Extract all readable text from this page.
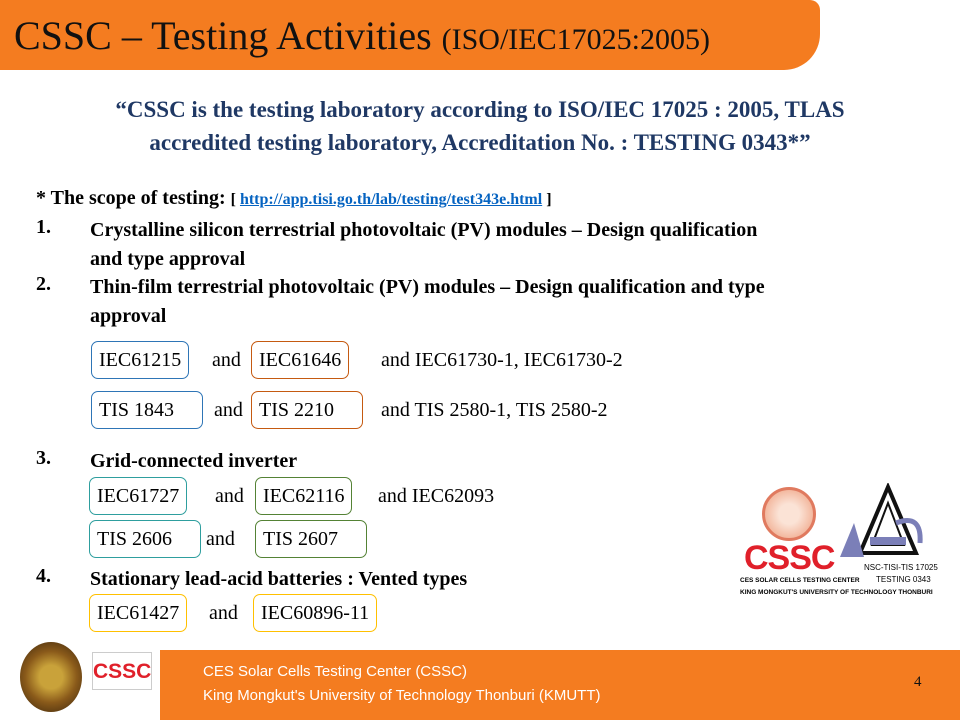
CSSC – Testing Activities (ISO/IEC17025:2005)
“CSSC is the testing laboratory according to ISO/IEC 17025 : 2005, TLAS
accredited testing laboratory, Accreditation No. : TESTING 0343*”
* The scope of testing: [ http://app.tisi.go.th/lab/testing/test343e.html ]
1. Crystalline silicon terrestrial photovoltaic (PV) modules – Design qualification
and type approval
2. Thin-film terrestrial photovoltaic (PV) modules – Design qualification and type
approval
IEC61215	and IEC61646	and IEC61730-1, IEC61730-2
TIS 1843	and TIS 2210	and TIS 2580-1, TIS 2580-2
3. Grid-connected inverter
IEC61727	and IEC62116	and IEC62093
TIS 2606	and	TIS 2607
4. Stationary lead-acid batteries : Vented types
IEC61427	and	IEC60896-11
CSSC
CES SOLAR CELLS TESTING CENTER
NSC-TISI-TIS 17025
TESTING 0343
KING MONGKUT'S UNIVERSITY OF TECHNOLOGY THONBURI
CSSC	CES Solar Cells Testing Center (CSSC)
King Mongkut's University of Technology Thonburi (KMUTT)
4
